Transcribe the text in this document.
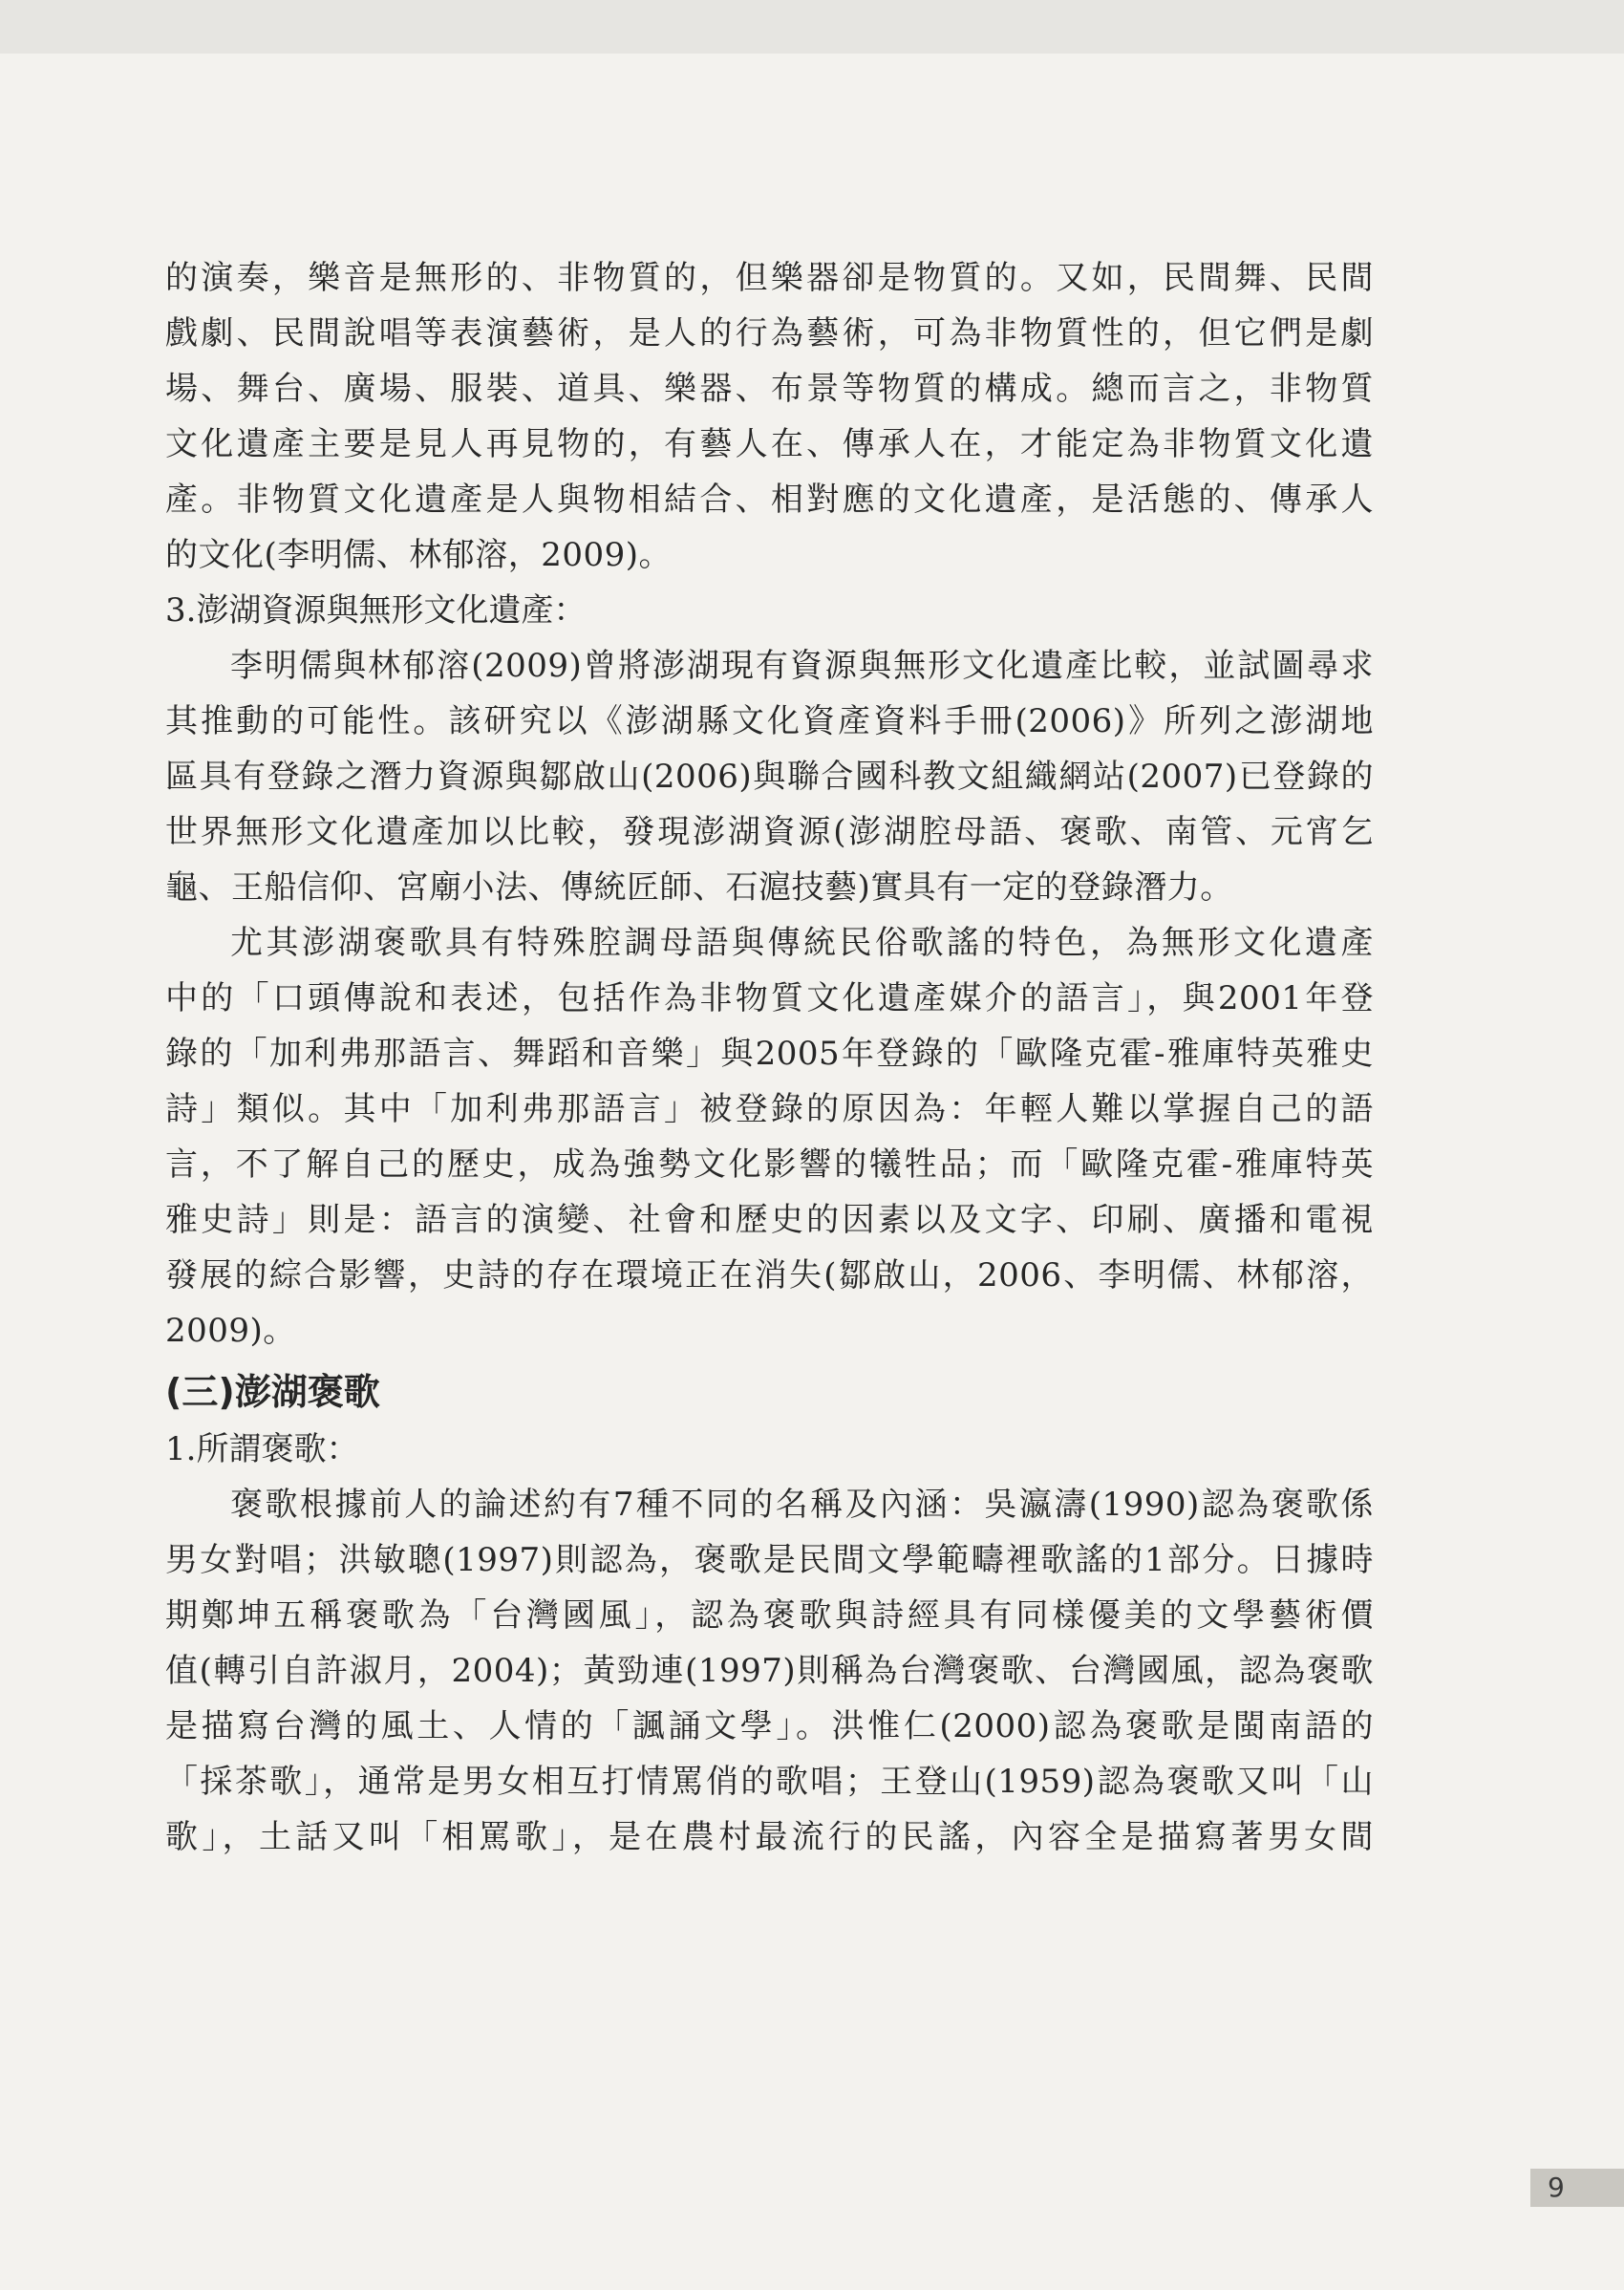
的演奏，樂音是無形的、非物質的，但樂器卻是物質的。又如，民間舞、民間
戲劇、民間說唱等表演藝術，是人的行為藝術，可為非物質性的，但它們是劇
場、舞台、廣場、服裝、道具、樂器、布景等物質的構成。總而言之，非物質
文化遺產主要是見人再見物的，有藝人在、傳承人在，才能定為非物質文化遺
產。非物質文化遺產是人與物相結合、相對應的文化遺產，是活態的、傳承人
的文化(李明儒、林郁溶，2009)。
3.澎湖資源與無形文化遺產：
李明儒與林郁溶(2009)曾將澎湖現有資源與無形文化遺產比較，並試圖尋求
其推動的可能性。該研究以《澎湖縣文化資產資料手冊(2006)》所列之澎湖地
區具有登錄之潛力資源與鄒啟山(2006)與聯合國科教文組織網站(2007)已登錄的
世界無形文化遺產加以比較，發現澎湖資源(澎湖腔母語、褒歌、南管、元宵乞
龜、王船信仰、宮廟小法、傳統匠師、石滬技藝)實具有一定的登錄潛力。
尤其澎湖褒歌具有特殊腔調母語與傳統民俗歌謠的特色，為無形文化遺產
中的「口頭傳說和表述，包括作為非物質文化遺產媒介的語言」，與2001年登
錄的「加利弗那語言、舞蹈和音樂」與2005年登錄的「歐隆克霍-雅庫特英雅史
詩」類似。其中「加利弗那語言」被登錄的原因為：年輕人難以掌握自己的語
言，不了解自己的歷史，成為強勢文化影響的犧牲品；而「歐隆克霍-雅庫特英
雅史詩」則是：語言的演變、社會和歷史的因素以及文字、印刷、廣播和電視
發展的綜合影響，史詩的存在環境正在消失(鄒啟山，2006、李明儒、林郁溶，
2009)。
(三)澎湖褒歌
1.所謂褒歌：
褒歌根據前人的論述約有7種不同的名稱及內涵：吳瀛濤(1990)認為褒歌係
男女對唱；洪敏聰(1997)則認為，褒歌是民間文學範疇裡歌謠的1部分。日據時
期鄭坤五稱褒歌為「台灣國風」，認為褒歌與詩經具有同樣優美的文學藝術價
值(轉引自許淑月，2004)；黃勁連(1997)則稱為台灣褒歌、台灣國風，認為褒歌
是描寫台灣的風土、人情的「諷誦文學」。洪惟仁(2000)認為褒歌是閩南語的
「採茶歌」，通常是男女相互打情罵俏的歌唱；王登山(1959)認為褒歌又叫「山
歌」，土話又叫「相罵歌」，是在農村最流行的民謠，內容全是描寫著男女間
9
